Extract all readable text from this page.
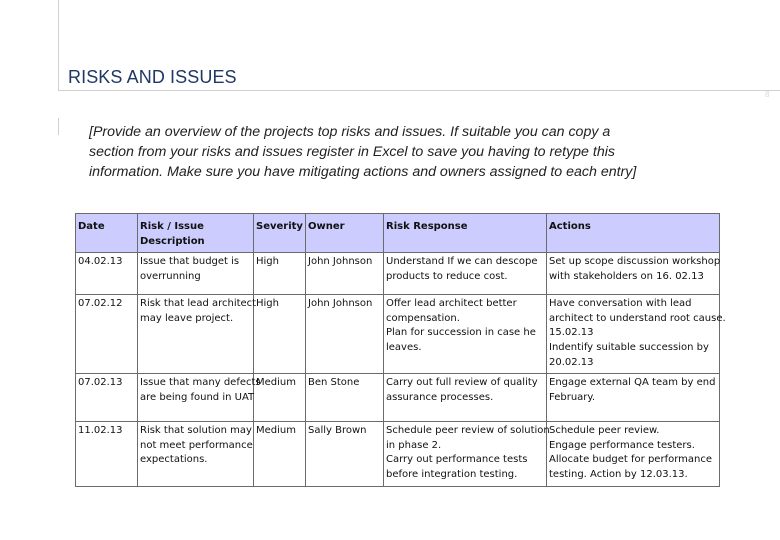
RISKS AND ISSUES
8
[Provide an overview of the projects top risks and issues. If suitable you can copy a
section from your risks and issues register in Excel to save you having to retype this
information. Make sure you have mitigating actions and owners assigned to each entry]
Date	Risk / Issue Description	Severity	Owner	Risk Response	Actions
04.02.13	Issue that budget is
overrunning	High	John Johnson	Understand If we can descope
products to reduce cost.	Set up scope discussion workshop
with stakeholders on 16. 02.13

07.02.12	Risk that lead architect
may leave project.	High	John Johnson	Offer lead architect better
compensation.
Plan for succession in case he
leaves.	Have conversation with lead
architect to understand root cause.
15.02.13
Indentify suitable succession by
20.02.13

07.02.13	Issue that many defects
are being found in UAT	Medium	Ben Stone	Carry out full review of quality
assurance processes.	Engage external QA team by end
February.

11.02.13	Risk that solution may
not meet performance
expectations.	Medium	Sally Brown	Schedule peer review of solution
in phase 2.
Carry out performance tests
before integration testing.	Schedule peer review.
Engage performance testers.
Allocate budget for performance
testing. Action by 12.03.13.
